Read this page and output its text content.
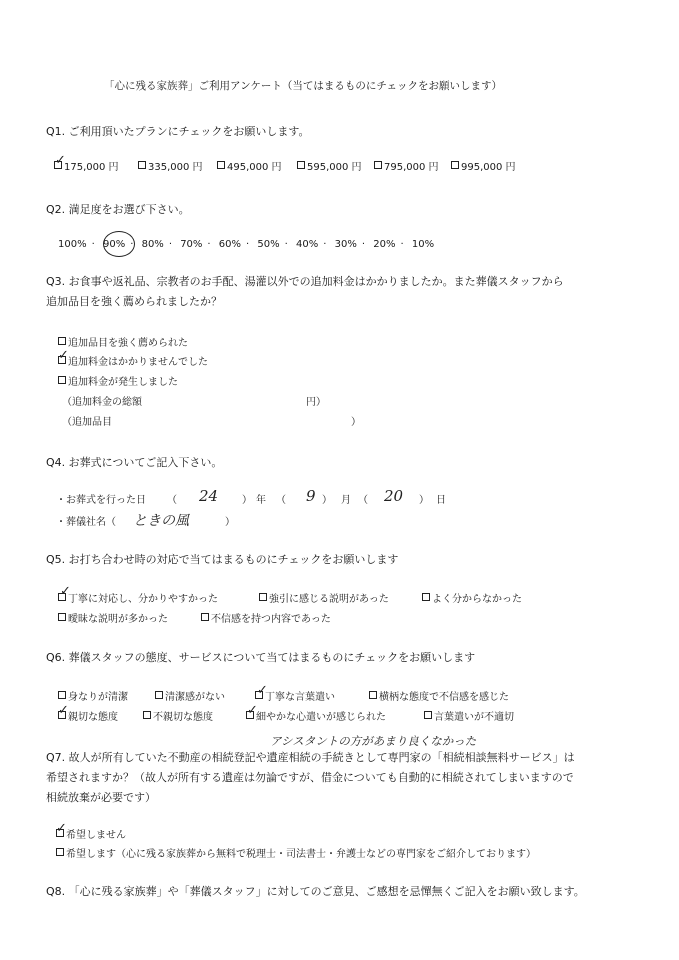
「心に残る家族葬」ご利用アンケート（当てはまるものにチェックをお願いします）
Q1. ご利用頂いたプランにチェックをお願いします。
175,000 円	335,000 円	495,000 円	595,000 円	795,000 円	995,000 円
✓
Q2. 満足度をお選び下さい。
100% · 90% · 80% · 70% · 60% · 50% · 40% · 30% · 20% · 10%
Q3. お食事や返礼品、宗教者のお手配、湯灌以外での追加料金はかかりましたか。また葬儀スタッフから
追加品目を強く薦められましたか？
追加品目を強く薦められた
追加料金はかかりませんでした
✓
追加料金が発生しました
（追加料金の総額	円）
（追加品目	）
Q4. お葬式についてご記入下さい。
・お葬式を行った日 （ 24 ） 年 （ 9 ） 月 （ 20 ） 日
・葬儀社名（ ときの風	）
Q5. お打ち合わせ時の対応で当てはまるものにチェックをお願いします
丁寧に対応し、分かりやすかった
✓
強引に感じる説明があった	よく分からなかった
曖昧な説明が多かった	不信感を持つ内容であった
Q6. 葬儀スタッフの態度、サービスについて当てはまるものにチェックをお願いします
身なりが清潔	清潔感がない	丁寧な言葉遣い
✓	横柄な態度で不信感を感じた
親切な態度
✓	不親切な態度	細やかな心遣いが感じられた
✓	言葉遣いが不適切
アシスタントの方があまり良くなかった
Q7. 故人が所有していた不動産の相続登記や遺産相続の手続きとして専門家の「相続相談無料サービス」は
希望されますか？（故人が所有する遺産は勿論ですが、借金についても自動的に相続されてしまいますので
相続放棄が必要です）
希望しません
✓
希望します（心に残る家族葬から無料で税理士・司法書士・弁護士などの専門家をご紹介しております）
Q8. 「心に残る家族葬」や「葬儀スタッフ」に対してのご意見、ご感想を忌憚無くご記入をお願い致します。
